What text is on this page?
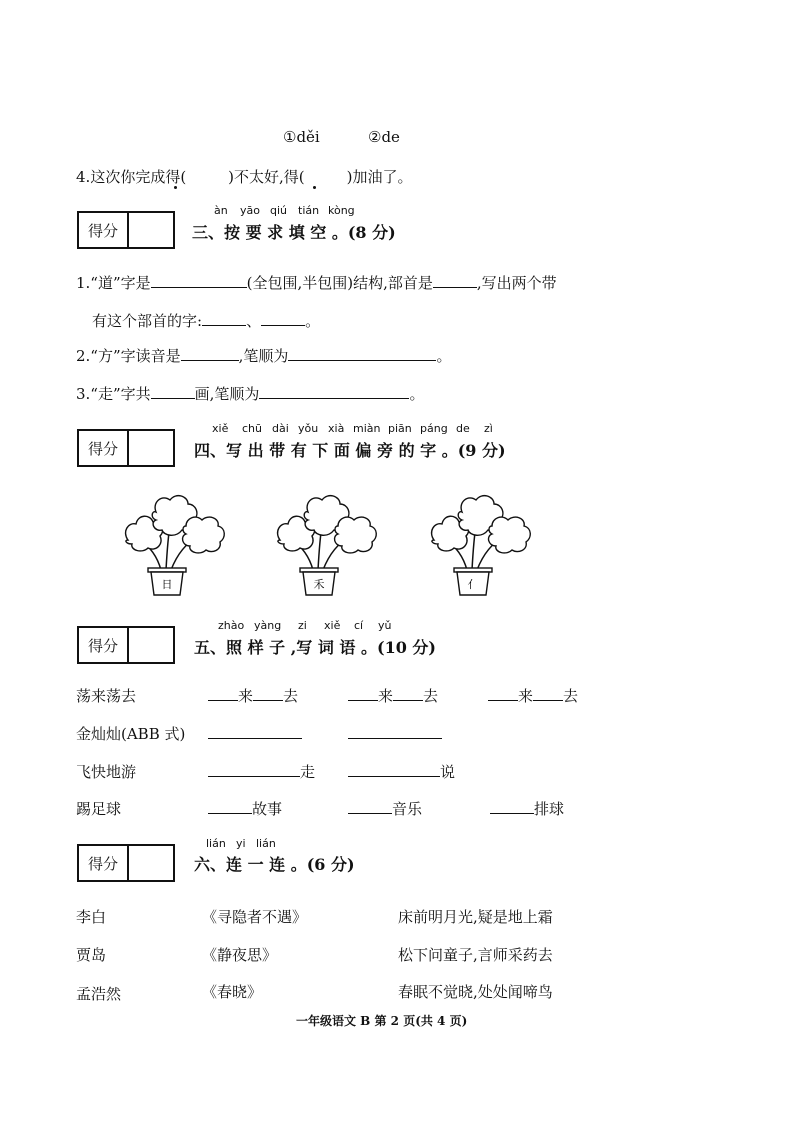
①děi	②de
4.这次你完成得(	)不太好,得(	)加油了。
得分
àn yāo qiú tián kòng
三、按 要 求 填 空 。(8 分)
1.“道”字是	(全包围,半包围)结构,部首是	,写出两个带
有这个部首的字:	、	。
2.“方”字读音是	,笔顺为	。
3.“走”字共	画,笔顺为	。
得分
xiě chū dài yǒu xià miàn piān páng de zì
四、写 出 带 有 下 面 偏 旁 的 字 。(9 分)
日	禾	亻
得分
zhào yàng zi xiě cí yǔ
五、照 样 子 ,写 词 语 。(10 分)
荡来荡去	来 去	来 去	来 去
金灿灿(ABB 式)
飞快地游	走	说
踢足球	故事	音乐	排球
得分
lián yi lián
六、连 一 连 。(6 分)
李白	《寻隐者不遇》	床前明月光,疑是地上霜
贾岛	《静夜思》	松下问童子,言师采药去
孟浩然	《春晓》	春眠不觉晓,处处闻啼鸟
一年级语文 B 第 2 页(共 4 页)
